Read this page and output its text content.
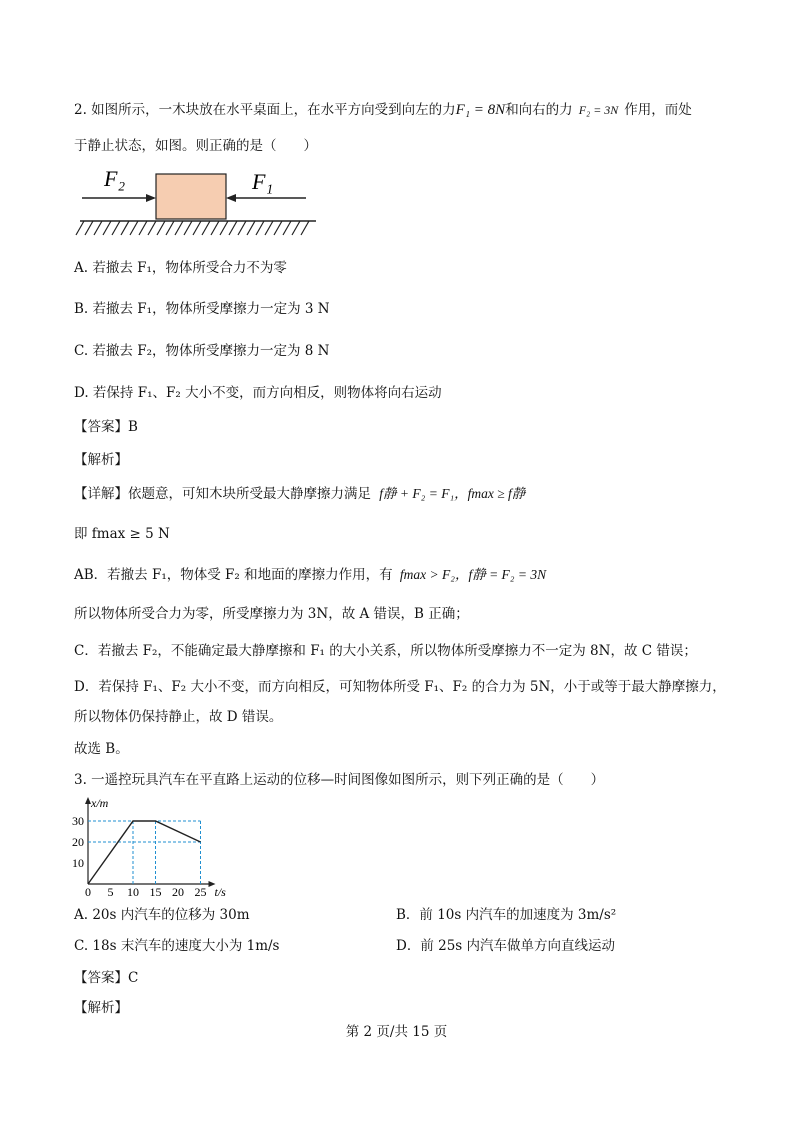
2. 如图所示，一木块放在水平桌面上，在水平方向受到向左的力F₁ = 8N和向右的力 F₂ = 3N 作用，而处
于静止状态，如图。则正确的是（　　）
F₂	F₁
A. 若撤去 F₁，物体所受合力不为零
B. 若撤去 F₁，物体所受摩擦力一定为 3 N
C. 若撤去 F₂，物体所受摩擦力一定为 8 N
D. 若保持 F₁、F₂ 大小不变，而方向相反，则物体将向右运动
【答案】B
【解析】
【详解】依题意，可知木块所受最大静摩擦力满足 f静 + F₂ = F₁，fmax ≥ f静
即 fmax ≥ 5 N
AB．若撤去 F₁，物体受 F₂ 和地面的摩擦力作用，有 fmax > F₂，f静 = F₂ = 3N
所以物体所受合力为零，所受摩擦力为 3N，故 A 错误，B 正确；
C．若撤去 F₂，不能确定最大静摩擦和 F₁ 的大小关系，所以物体所受摩擦力不一定为 8N，故 C 错误；
D．若保持 F₁、F₂ 大小不变，而方向相反，可知物体所受 F₁、F₂ 的合力为 5N，小于或等于最大静摩擦力，
所以物体仍保持静止，故 D 错误。
故选 B。
3. 一遥控玩具汽车在平直路上运动的位移—时间图像如图所示，则下列正确的是（　　）
0 5 10 15 20 25
10
20
30
x/m
t/s
A. 20s 内汽车的位移为 30m	B．前 10s 内汽车的加速度为 3m/s²
C. 18s 末汽车的速度大小为 1m/s	D．前 25s 内汽车做单方向直线运动
【答案】C
【解析】
第 2 页/共 15 页
